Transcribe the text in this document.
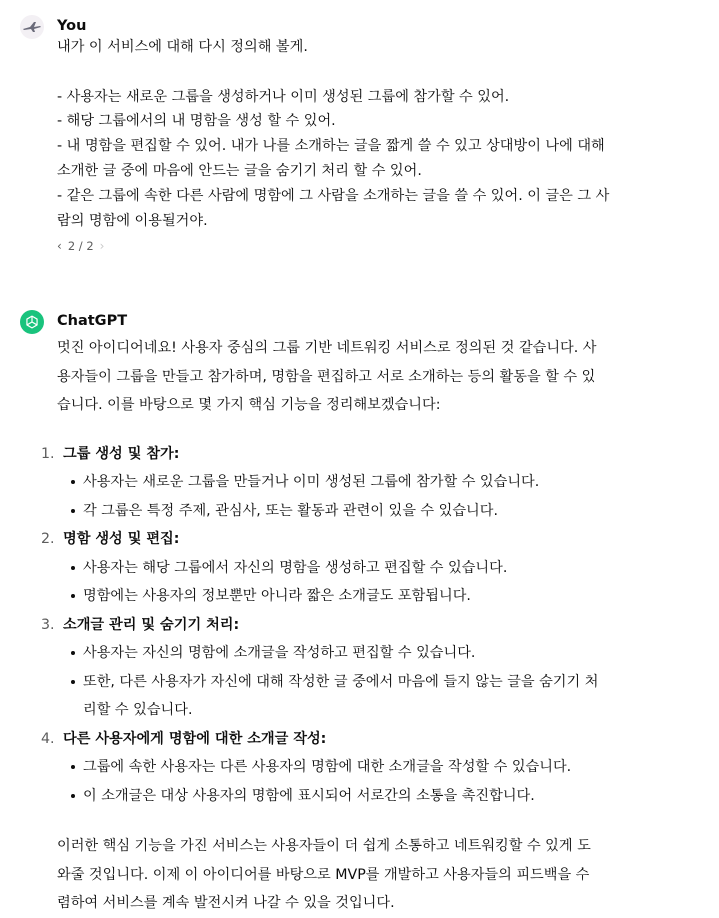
You
내가 이 서비스에 대해 다시 정의해 볼게.
- 사용자는 새로운 그룹을 생성하거나 이미 생성된 그룹에 참가할 수 있어.
- 해당 그룹에서의 내 명함을 생성 할 수 있어.
- 내 명함을 편집할 수 있어. 내가 나를 소개하는 글을 짧게 쓸 수 있고 상대방이 나에 대해
소개한 글 중에 마음에 안드는 글을 숨기기 처리 할 수 있어.
- 같은 그룹에 속한 다른 사람에 명함에 그 사람을 소개하는 글을 쓸 수 있어. 이 글은 그 사
람의 명함에 이용될거야.
‹ 2 / 2 ›
ChatGPT
멋진 아이디어네요! 사용자 중심의 그룹 기반 네트워킹 서비스로 정의된 것 같습니다. 사
용자들이 그룹을 만들고 참가하며, 명함을 편집하고 서로 소개하는 등의 활동을 할 수 있
습니다. 이를 바탕으로 몇 가지 핵심 기능을 정리해보겠습니다:
1. 그룹 생성 및 참가:
사용자는 새로운 그룹을 만들거나 이미 생성된 그룹에 참가할 수 있습니다.
각 그룹은 특정 주제, 관심사, 또는 활동과 관련이 있을 수 있습니다.
2. 명함 생성 및 편집:
사용자는 해당 그룹에서 자신의 명함을 생성하고 편집할 수 있습니다.
명함에는 사용자의 정보뿐만 아니라 짧은 소개글도 포함됩니다.
3. 소개글 관리 및 숨기기 처리:
사용자는 자신의 명함에 소개글을 작성하고 편집할 수 있습니다.
또한, 다른 사용자가 자신에 대해 작성한 글 중에서 마음에 들지 않는 글을 숨기기 처
리할 수 있습니다.
4. 다른 사용자에게 명함에 대한 소개글 작성:
그룹에 속한 사용자는 다른 사용자의 명함에 대한 소개글을 작성할 수 있습니다.
이 소개글은 대상 사용자의 명함에 표시되어 서로간의 소통을 촉진합니다.
이러한 핵심 기능을 가진 서비스는 사용자들이 더 쉽게 소통하고 네트워킹할 수 있게 도
와줄 것입니다. 이제 이 아이디어를 바탕으로 MVP를 개발하고 사용자들의 피드백을 수
렴하여 서비스를 계속 발전시켜 나갈 수 있을 것입니다.
